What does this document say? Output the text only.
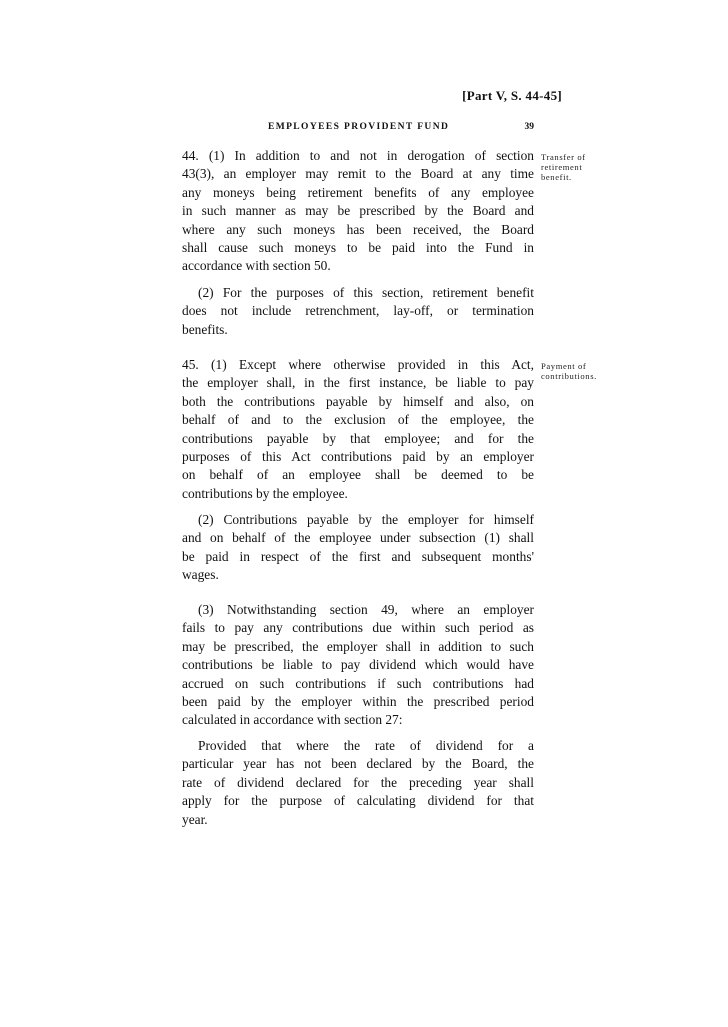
[Part V, S. 44-45]
EMPLOYEES PROVIDENT FUND	39
Transfer of retirement benefit.
44. (1) In addition to and not in derogation of section
43(3), an employer may remit to the Board at any time
any moneys being retirement benefits of any employee
in such manner as may be prescribed by the Board and
where any such moneys has been received, the Board
shall cause such moneys to be paid into the Fund in
accordance with section 50.
(2) For the purposes of this section, retirement benefit
does not include retrenchment, lay-off, or termination
benefits.
Payment of contributions.
45. (1) Except where otherwise provided in this Act,
the employer shall, in the first instance, be liable to pay
both the contributions payable by himself and also, on
behalf of and to the exclusion of the employee, the
contributions payable by that employee; and for the
purposes of this Act contributions paid by an employer
on behalf of an employee shall be deemed to be
contributions by the employee.
(2) Contributions payable by the employer for himself
and on behalf of the employee under subsection (1) shall
be paid in respect of the first and subsequent months'
wages.
(3) Notwithstanding section 49, where an employer
fails to pay any contributions due within such period as
may be prescribed, the employer shall in addition to such
contributions be liable to pay dividend which would have
accrued on such contributions if such contributions had
been paid by the employer within the prescribed period
calculated in accordance with section 27:
Provided that where the rate of dividend for a
particular year has not been declared by the Board, the
rate of dividend declared for the preceding year shall
apply for the purpose of calculating dividend for that
year.
